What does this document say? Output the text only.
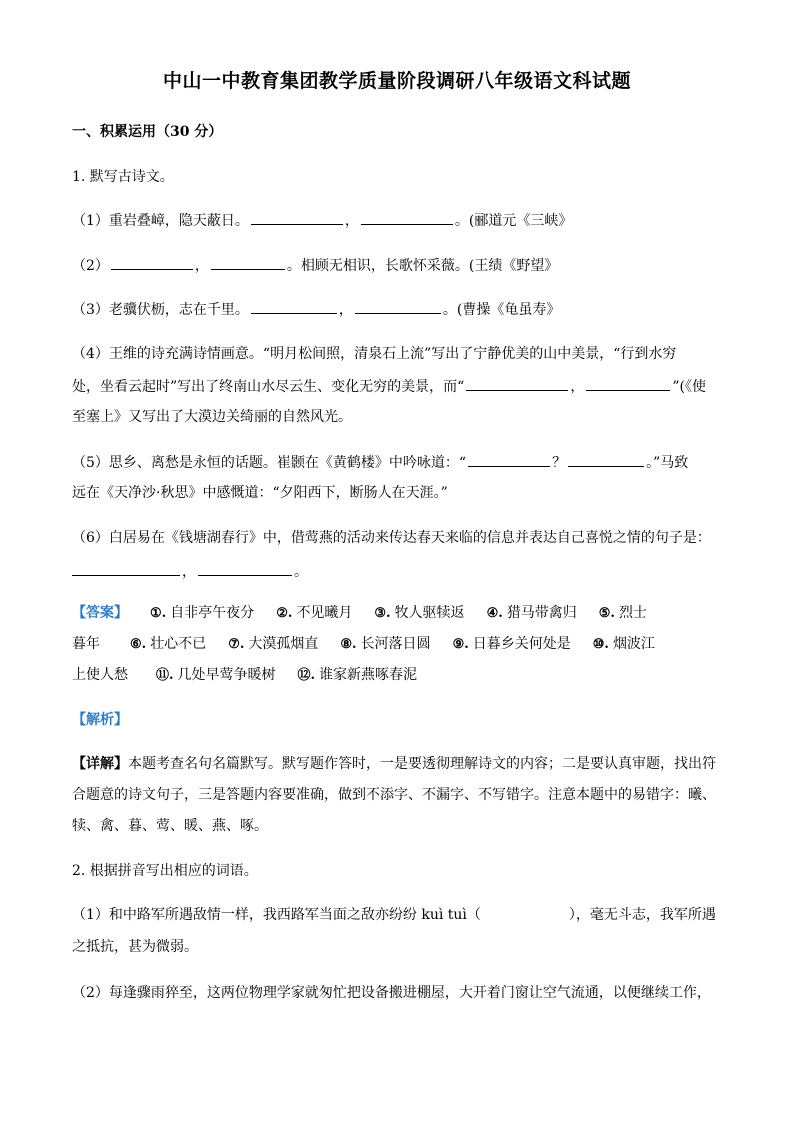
中山一中教育集团教学质量阶段调研八年级语文科试题
一、积累运用（30 分）
1. 默写古诗文。
（1）重岩叠嶂，隐天蔽日。	，	。(郦道元《三峡》
（2）	，	。相顾无相识，长歌怀采薇。(王绩《野望》
（3）老骥伏枥，志在千里。	，	。(曹操《龟虽寿》
（4）王维的诗充满诗情画意。“明月松间照，清泉石上流”写出了宁静优美的山中美景，“行到水穷
处，坐看云起时”写出了终南山水尽云生、变化无穷的美景，而“	，	”(《使
至塞上》又写出了大漠边关绮丽的自然风光。
（5）思乡、离愁是永恒的话题。崔颢在《黄鹤楼》中吟咏道：“	？	。”马致
远在《天净沙·秋思》中感慨道：“夕阳西下，断肠人在天涯。”
（6）白居易在《钱塘湖春行》中，借莺燕的活动来传达春天来临的信息并表达自己喜悦之情的句子是：
，	。
【答案】 ①. 自非亭午夜分 ②. 不见曦月 ③. 牧人驱犊返 ④. 猎马带禽归 ⑤. 烈士
暮年 ⑥. 壮心不已 ⑦. 大漠孤烟直 ⑧. 长河落日圆 ⑨. 日暮乡关何处是 ⑩. 烟波江
上使人愁 ⑪. 几处早莺争暖树 ⑫. 谁家新燕啄春泥
【解析】
【详解】本题考查名句名篇默写。默写题作答时，一是要透彻理解诗文的内容；二是要认真审题，找出符
合题意的诗文句子，三是答题内容要准确，做到不添字、不漏字、不写错字。注意本题中的易错字：曦、
犊、禽、暮、莺、暖、燕、啄。
2. 根据拼音写出相应的词语。
（1）和中路军所遇敌情一样，我西路军当面之敌亦纷纷 kuì tuì（	），毫无斗志，我军所遇
之抵抗，甚为微弱。
（2）每逢骤雨猝至，这两位物理学家就匆忙把设备搬进棚屋，大开着门窗让空气流通，以便继续工作，
